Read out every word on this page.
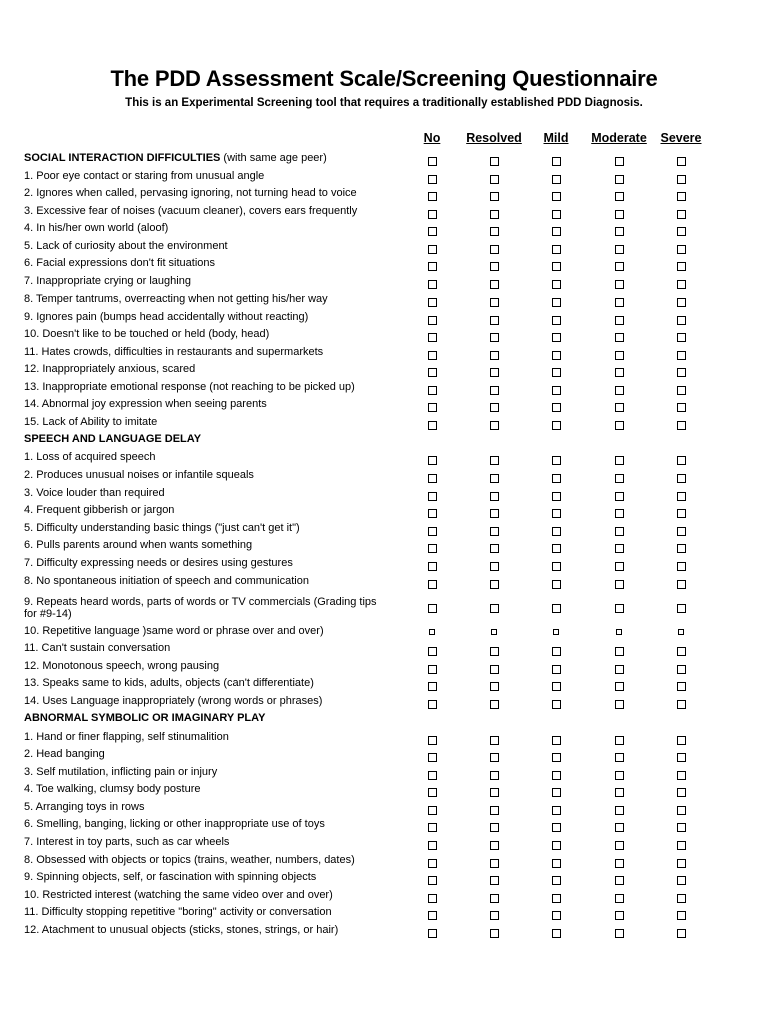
The PDD Assessment Scale/Screening Questionnaire
This is an Experimental Screening tool that requires a traditionally established PDD Diagnosis.
No Resolved Mild Moderate Severe
SOCIAL INTERACTION DIFFICULTIES (with same age peer)
1. Poor eye contact or staring from unusual angle
2. Ignores when called, pervasing ignoring, not turning head to voice
3. Excessive fear of noises (vacuum cleaner), covers ears frequently
4. In his/her own world (aloof)
5. Lack of curiosity about the environment
6. Facial expressions don't fit situations
7. Inappropriate crying or laughing
8. Temper tantrums, overreacting when not getting his/her way
9. Ignores pain (bumps head accidentally without reacting)
10. Doesn't like to be touched or held (body, head)
11. Hates crowds, difficulties in restaurants and supermarkets
12. Inappropriately anxious, scared
13. Inappropriate emotional response (not reaching to be picked up)
14. Abnormal joy expression when seeing parents
15. Lack of Ability to imitate
SPEECH AND LANGUAGE DELAY
1. Loss of acquired speech
2. Produces unusual noises or infantile squeals
3. Voice louder than required
4. Frequent gibberish or jargon
5. Difficulty understanding basic things ("just can't get it")
6. Pulls parents around when wants something
7. Difficulty expressing needs or desires using gestures
8. No spontaneous initiation of speech and communication
9. Repeats heard words, parts of words or TV commercials (Grading tips for #9-14)
10. Repetitive language )same word or phrase over and over)
11. Can't sustain conversation
12. Monotonous speech, wrong pausing
13. Speaks same to kids, adults, objects (can't differentiate)
14. Uses Language inappropriately (wrong words or phrases)
ABNORMAL SYMBOLIC OR IMAGINARY PLAY
1. Hand or finer flapping, self stinumalition
2. Head banging
3. Self mutilation, inflicting pain or injury
4. Toe walking, clumsy body posture
5. Arranging toys in rows
6. Smelling, banging, licking or other inappropriate use of toys
7. Interest in toy parts, such as car wheels
8. Obsessed with objects or topics (trains, weather, numbers, dates)
9. Spinning objects, self, or fascination with spinning objects
10. Restricted interest (watching the same video over and over)
11. Difficulty stopping repetitive "boring" activity or conversation
12. Atachment to unusual objects (sticks, stones, strings, or hair)
